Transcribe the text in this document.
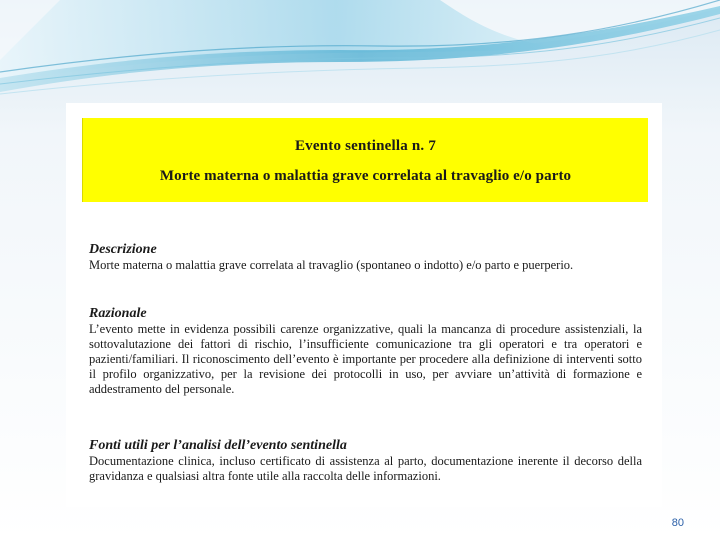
Evento sentinella n. 7
Morte materna o malattia grave correlata al travaglio e/o parto

Descrizione

Morte materna o malattia grave correlata al travaglio (spontaneo o indotto) e/o parto e puerperio.

Razionale

L’evento mette in evidenza possibili carenze organizzative, quali la mancanza di procedure assistenziali, la sottovalutazione dei fattori di rischio, l’insufficiente comunicazione tra gli operatori e tra operatori e pazienti/familiari. Il riconoscimento dell’evento è importante per procedere alla definizione di interventi sotto il profilo organizzativo, per la revisione dei protocolli in uso, per avviare un’attività di formazione e addestramento del personale.

Fonti utili per l’analisi dell’evento sentinella

Documentazione clinica, incluso certificato di assistenza al parto, documentazione inerente il decorso della gravidanza e qualsiasi altra fonte utile alla raccolta delle informazioni.

80
